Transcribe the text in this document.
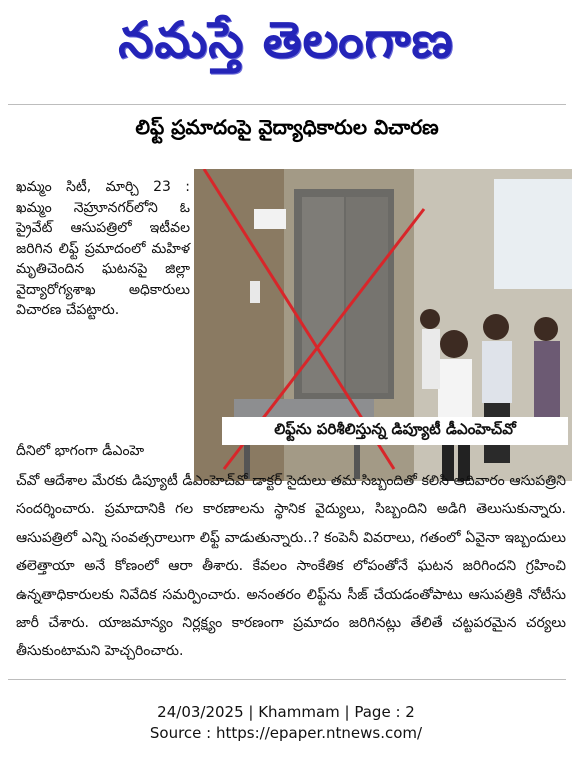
నమస్తే తెలంగాణ
లిఫ్ట్ ప్రమాదంపై వైద్యాధికారుల విచారణ
ఖమ్మం సిటీ, మార్చి 23 : ఖమ్మం నెహ్రూనగర్‌లోని ఓ ప్రైవేట్ ఆసుపత్రిలో ఇటీవల జరిగిన లిఫ్ట్ ప్రమాదంలో మహిళ మృతిచెందిన ఘటనపై జిల్లా వైద్యారోగ్యశాఖ అధికారులు విచారణ చేపట్టారు.
లిఫ్ట్‌ను పరిశీలిస్తున్న డిప్యూటీ డీఎంహెచ్‌వో
దీనిలో భాగంగా డీఎంహె

చ్‌వో ఆదేశాల మేరకు డిప్యూటీ డీఎంహెచ్‌వో డాక్టర్ సైదులు తమ సిబ్బందితో కలిసి ఆదివారం ఆసుపత్రిని సందర్శించారు. ప్రమాదానికి గల కారణాలను స్థానిక వైద్యులు, సిబ్బందిని అడిగి తెలుసుకున్నారు. ఆసుపత్రిలో ఎన్ని సంవత్సరాలుగా లిఫ్ట్ వాడుతున్నారు..? కంపెనీ వివరాలు, గతంలో ఏవైనా ఇబ్బందులు తలెత్తాయా అనే కోణంలో ఆరా తీశారు. కేవలం సాంకేతిక లోపంతోనే ఘటన జరిగిందని గ్రహించి ఉన్నతాధికారులకు నివేదిక సమర్పించారు. అనంతరం లిఫ్ట్‌ను సీజ్ చేయడంతోపాటు ఆసుపత్రికి నోటీసు జారీ చేశారు. యాజమాన్యం నిర్లక్ష్యం కారణంగా ప్రమాదం జరిగినట్లు తేలితే చట్టపరమైన చర్యలు తీసుకుంటామని హెచ్చరించారు.

24/03/2025 | Khammam | Page : 2
Source : https://epaper.ntnews.com/
